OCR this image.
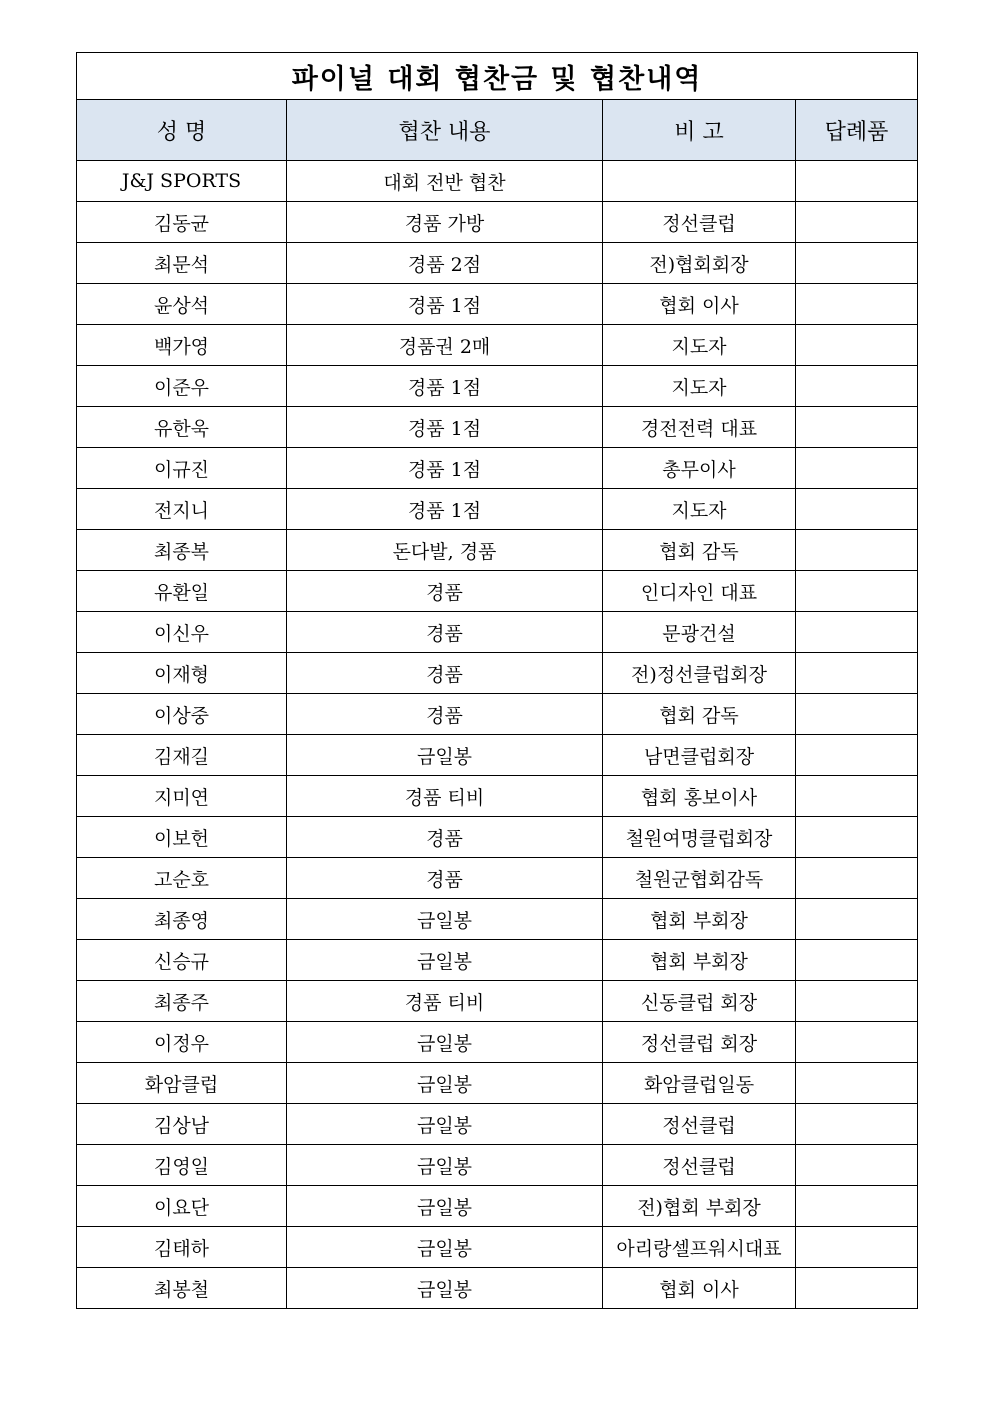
파이널 대회 협찬금 및 협찬내역			
성 명	협찬 내용	비 고	답례품
J&J SPORTS	대회 전반 협찬		
김동균	경품 가방	정선클럽	
최문석	경품 2점	전)협회회장	
윤상석	경품 1점	협회 이사	
백가영	경품권 2매	지도자	
이준우	경품 1점	지도자	
유한욱	경품 1점	경전전력 대표	
이규진	경품 1점	총무이사	
전지니	경품 1점	지도자	
최종복	돈다발, 경품	협회 감독	
유환일	경품	인디자인 대표	
이신우	경품	문광건설	
이재형	경품	전)정선클럽회장	
이상중	경품	협회 감독	
김재길	금일봉	남면클럽회장	
지미연	경품 티비	협회 홍보이사	
이보헌	경품	철원여명클럽회장	
고순호	경품	철원군협회감독	
최종영	금일봉	협회 부회장	
신승규	금일봉	협회 부회장	
최종주	경품 티비	신동클럽 회장	
이정우	금일봉	정선클럽 회장	
화암클럽	금일봉	화암클럽일동	
김상남	금일봉	정선클럽	
김영일	금일봉	정선클럽	
이요단	금일봉	전)협회 부회장	
김태하	금일봉	아리랑셀프워시대표	
최봉철	금일봉	협회 이사	
